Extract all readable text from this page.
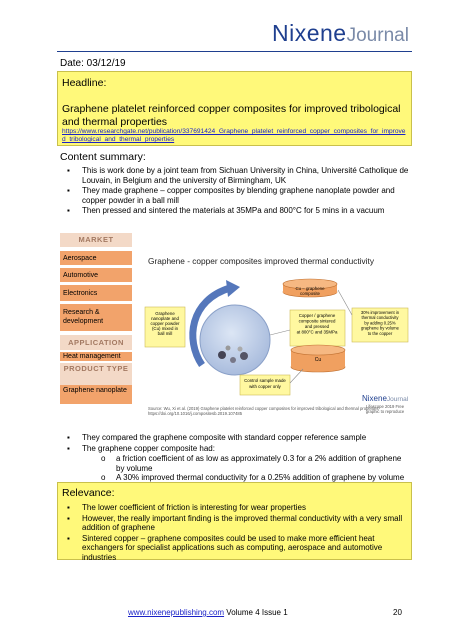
NixeneJournal
Date: 03/12/19
Headline:
Graphene platelet reinforced copper composites for improved tribological and thermal properties
https://www.researchgate.net/publication/337691424_Graphene_platelet_reinforced_copper_composites_for_improved_tribological_and_thermal_properties
Content summary:
▪ This is work done by a joint team from Sichuan University in China, Université Catholique de Louvain, in Belgium and the university of Birmingham, UK
▪ They made graphene – copper composites by blending graphene nanoplate powder and copper powder in a ball mill
▪ Then pressed and sintered the materials at 35MPa and 800°C for 5 mins in a vacuum
MARKET
Aerospace
Automotive
Electronics
Research & development
APPLICATION
Heat management
PRODUCT TYPE
Graphene nanoplate
Graphene - copper composites improved thermal conductivity
Graphene nanoplate and copper powder (Cu) mixed in ball mill
Copper / graphene composite sintered and pressed at 800°C and 35MPa
Cu – graphene composite
Cu
Control sample made with copper only
30% improvement in thermal conductivity by adding 0.25% graphene by volume to the copper
Source: Wu, Xi et al. (2019) Graphene platelet reinforced copper composites for improved tribological and thermal properties https://doi.org/10.1016/j.compositesb.2019.107485
NixeneJournal
Lifescope 2019 Free graphic to reproduce
▪ They compared the graphene composite with standard copper reference sample
▪ The graphene copper composite had:
o a friction coefficient of as low as approximately 0.3 for a 2% addition of graphene by volume
o A 30% improved thermal conductivity for a 0.25% addition of graphene by volume
Relevance:
▪ The lower coefficient of friction is interesting for wear properties
▪ However, the really important finding is the improved thermal conductivity with a very small addition of graphene
▪ Sintered copper – graphene composites could be used to make more efficient heat exchangers for specialist applications such as computing, aerospace and automotive industries
www.nixenepublishing.com Volume 4 Issue 1	20
